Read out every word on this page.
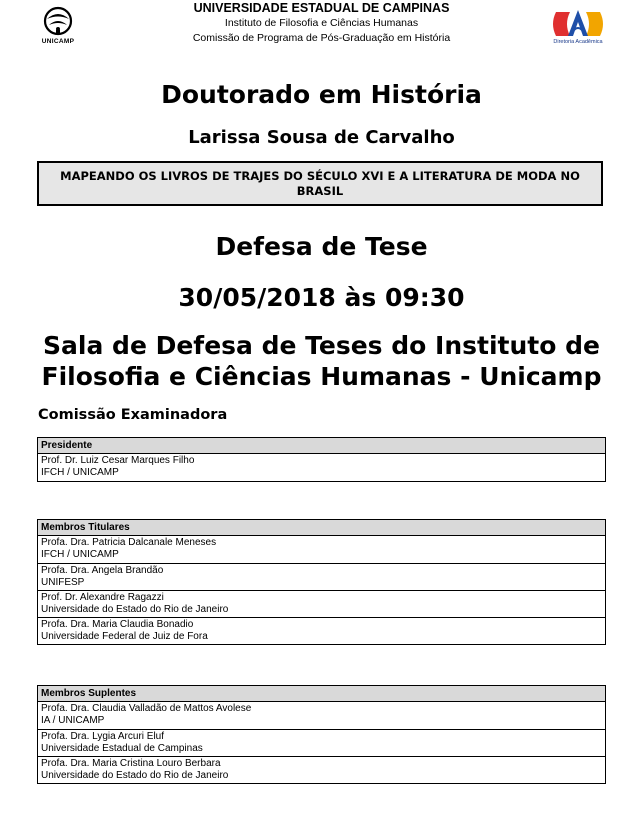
UNICAMP
UNIVERSIDADE ESTADUAL DE CAMPINAS
Instituto de Filosofia e Ciências Humanas
Comissão de Programa de Pós-Graduação em História	Diretoria Acadêmica
Doutorado em História
Larissa Sousa de Carvalho
MAPEANDO OS LIVROS DE TRAJES DO SÉCULO XVI E A LITERATURA DE MODA NO BRASIL
Defesa de Tese
30/05/2018 às 09:30
Sala de Defesa de Teses do Instituto de Filosofia e Ciências Humanas - Unicamp
Comissão Examinadora
Presidente
Prof. Dr. Luiz Cesar Marques Filho
IFCH / UNICAMP
Membros Titulares
Profa. Dra. Patricia Dalcanale Meneses
IFCH / UNICAMP
Profa. Dra. Angela Brandão
UNIFESP
Prof. Dr. Alexandre Ragazzi
Universidade do Estado do Rio de Janeiro
Profa. Dra. Maria Claudia Bonadio
Universidade Federal de Juiz de Fora
Membros Suplentes
Profa. Dra. Claudia Valladão de Mattos Avolese
IA / UNICAMP
Profa. Dra. Lygia Arcuri Eluf
Universidade Estadual de Campinas
Profa. Dra. Maria Cristina Louro Berbara
Universidade do Estado do Rio de Janeiro
